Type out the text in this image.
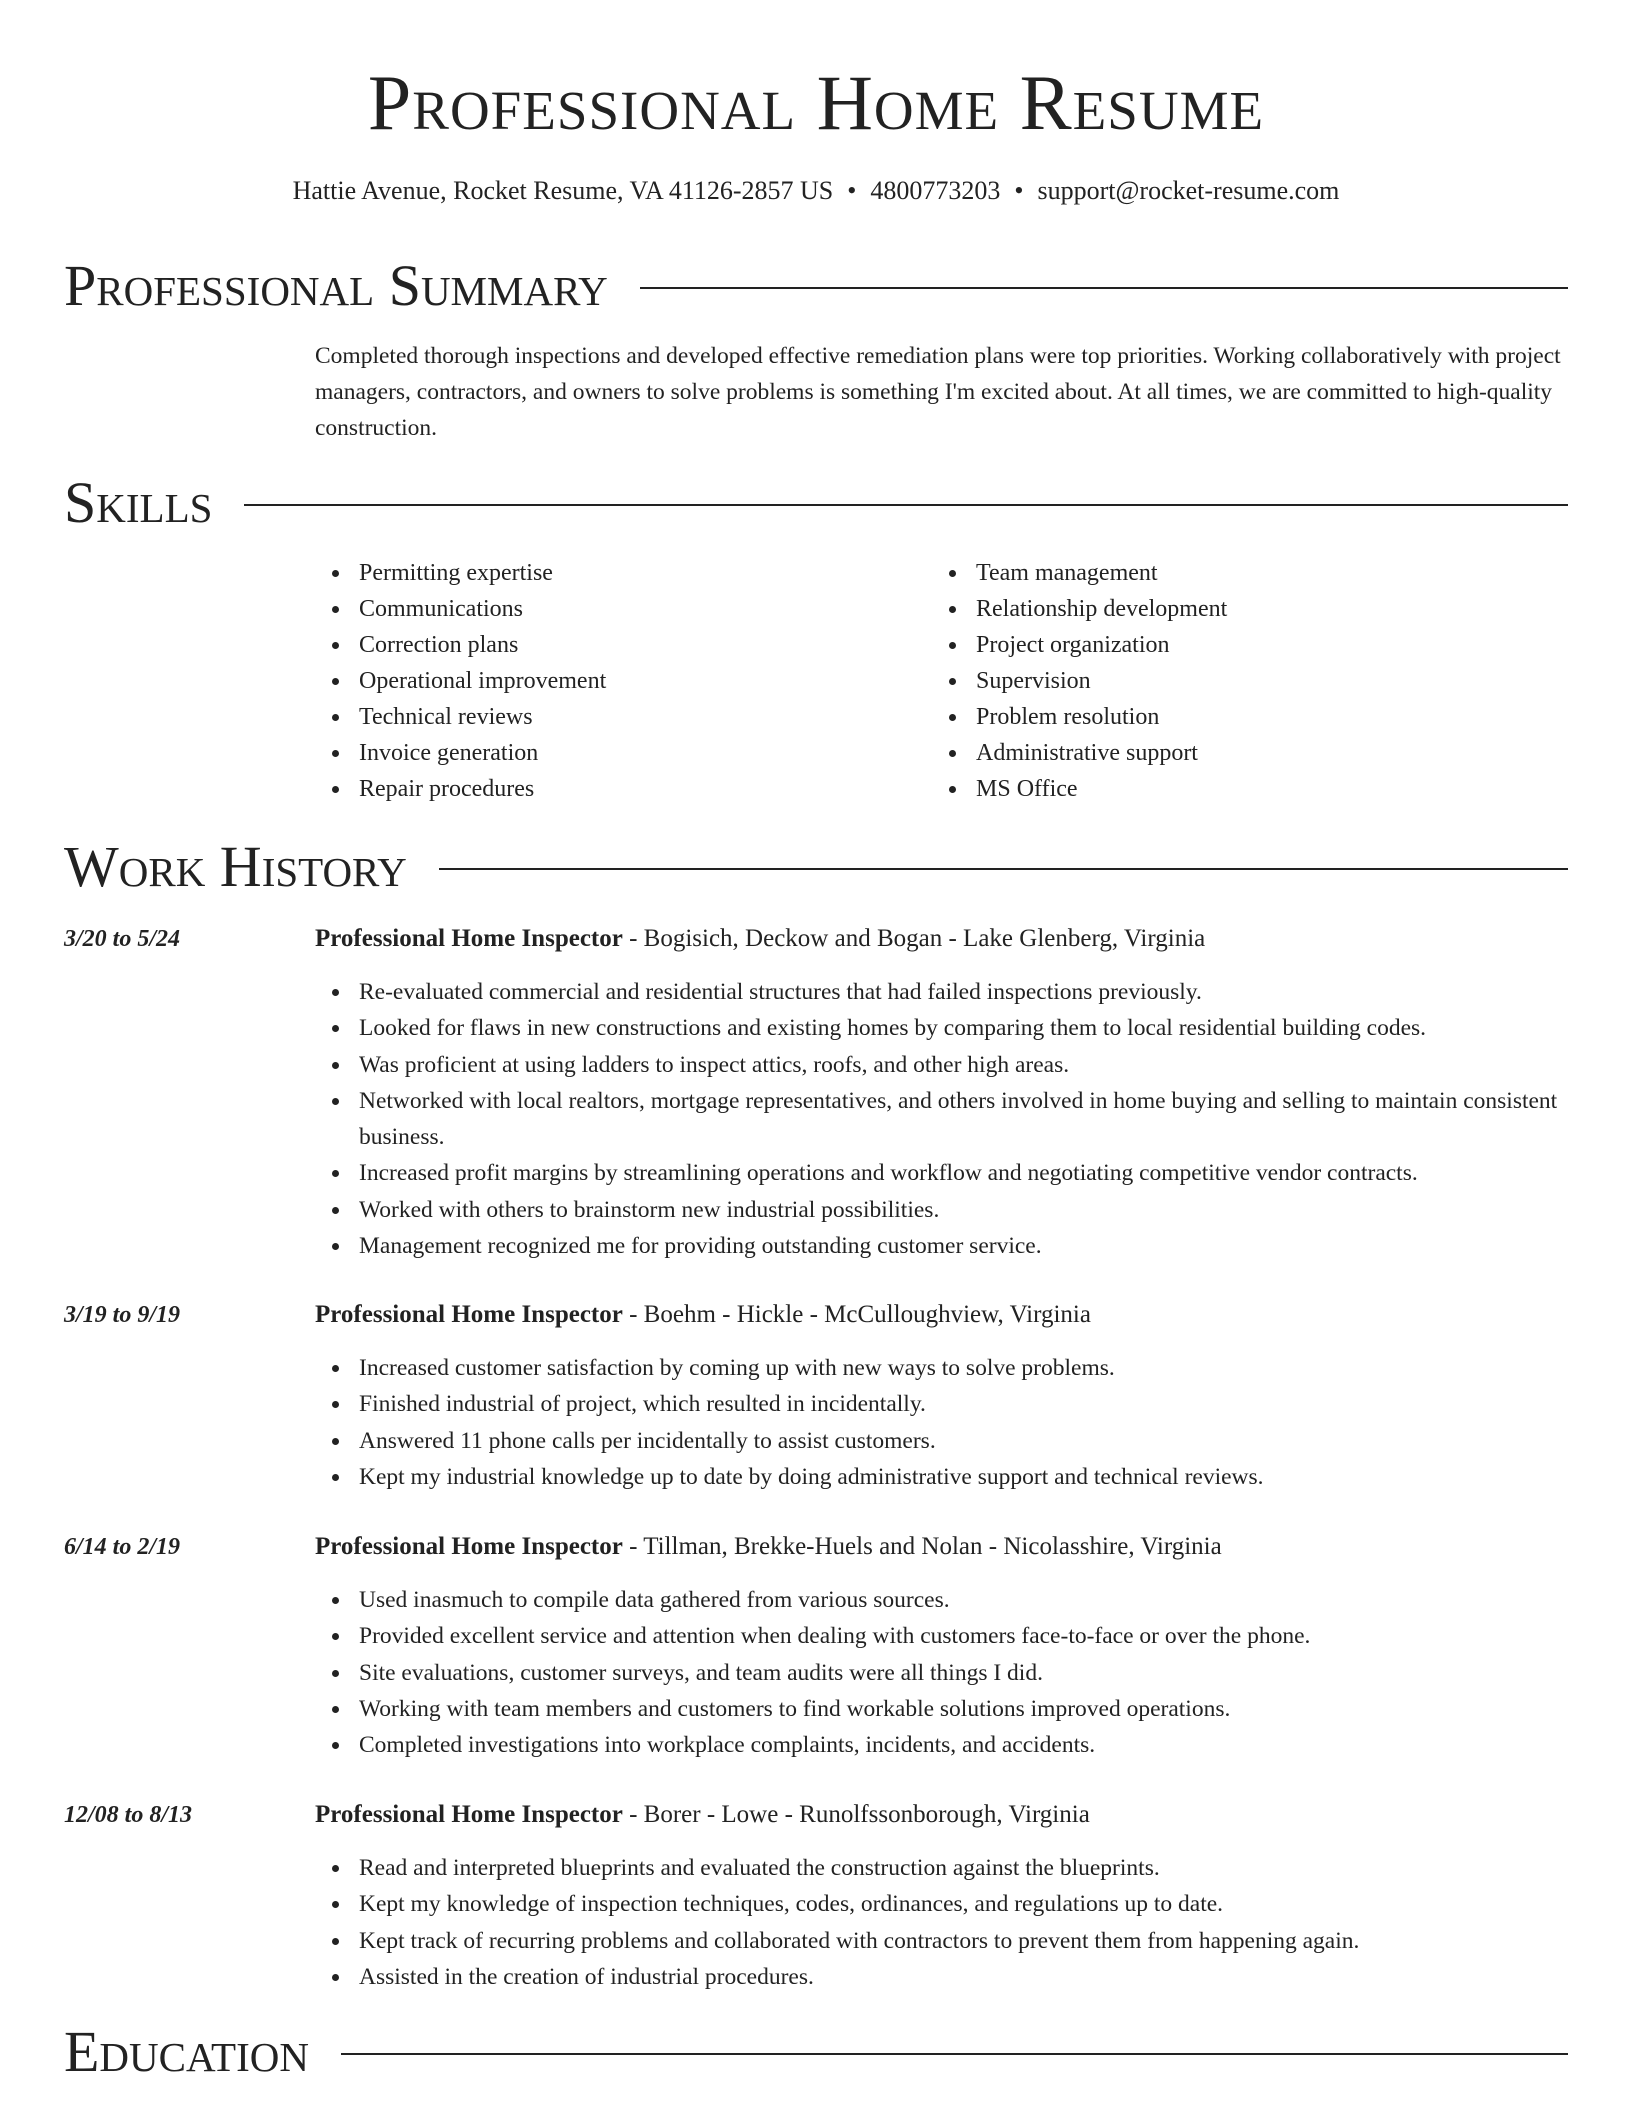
Professional Home Resume
Hattie Avenue, Rocket Resume, VA 41126-2857 US • 4800773203 • support@rocket-resume.com
Professional Summary
Completed thorough inspections and developed effective remediation plans were top priorities. Working collaboratively with project managers, contractors, and owners to solve problems is something I'm excited about. At all times, we are committed to high-quality construction.
Skills
Permitting expertise
Communications
Correction plans
Operational improvement
Technical reviews
Invoice generation
Repair procedures
Team management
Relationship development
Project organization
Supervision
Problem resolution
Administrative support
MS Office
Work History
3/20 to 5/24	Professional Home Inspector - Bogisich, Deckow and Bogan - Lake Glenberg, Virginia
Re-evaluated commercial and residential structures that had failed inspections previously.
Looked for flaws in new constructions and existing homes by comparing them to local residential building codes.
Was proficient at using ladders to inspect attics, roofs, and other high areas.
Networked with local realtors, mortgage representatives, and others involved in home buying and selling to maintain consistent business.
Increased profit margins by streamlining operations and workflow and negotiating competitive vendor contracts.
Worked with others to brainstorm new industrial possibilities.
Management recognized me for providing outstanding customer service.
3/19 to 9/19	Professional Home Inspector - Boehm - Hickle - McCulloughview, Virginia
Increased customer satisfaction by coming up with new ways to solve problems.
Finished industrial of project, which resulted in incidentally.
Answered 11 phone calls per incidentally to assist customers.
Kept my industrial knowledge up to date by doing administrative support and technical reviews.
6/14 to 2/19	Professional Home Inspector - Tillman, Brekke-Huels and Nolan - Nicolasshire, Virginia
Used inasmuch to compile data gathered from various sources.
Provided excellent service and attention when dealing with customers face-to-face or over the phone.
Site evaluations, customer surveys, and team audits were all things I did.
Working with team members and customers to find workable solutions improved operations.
Completed investigations into workplace complaints, incidents, and accidents.
12/08 to 8/13	Professional Home Inspector - Borer - Lowe - Runolfssonborough, Virginia
Read and interpreted blueprints and evaluated the construction against the blueprints.
Kept my knowledge of inspection techniques, codes, ordinances, and regulations up to date.
Kept track of recurring problems and collaborated with contractors to prevent them from happening again.
Assisted in the creation of industrial procedures.
Education
